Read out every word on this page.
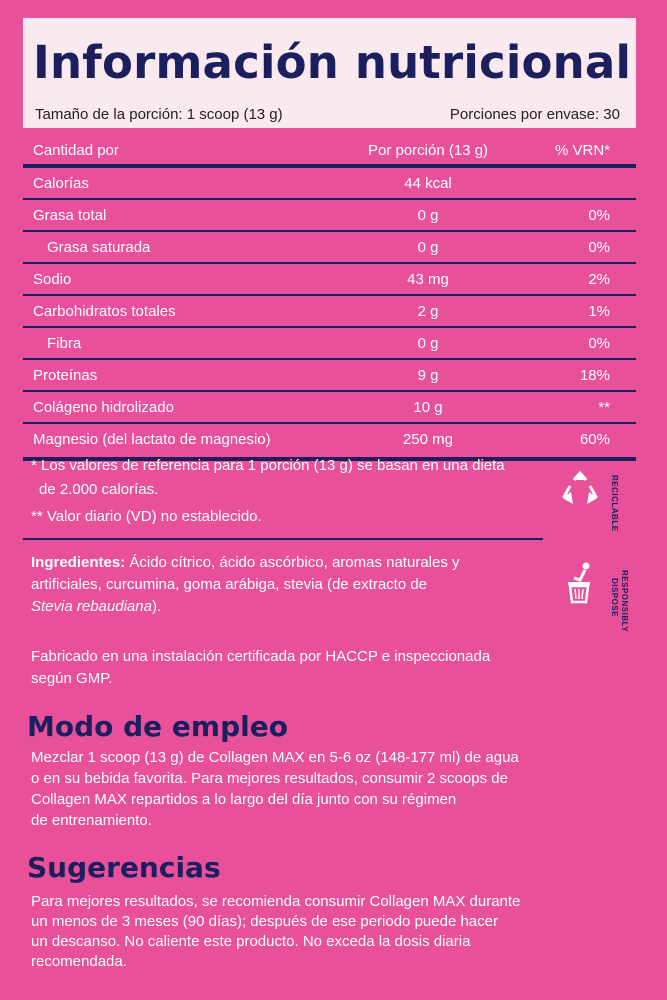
Información nutricional
Tamaño de la porción: 1 scoop (13 g)	Porciones por envase: 30
Cantidad por	Por porción (13 g)	% VRN*
Calorías	44 kcal
Grasa total	0 g	0%
Grasa saturada	0 g	0%
Sodio	43 mg	2%
Carbohidratos totales	2 g	1%
Fibra	0 g	0%
Proteínas	9 g	18%
Colágeno hidrolizado	10 g	**
Magnesio (del lactato de magnesio)	250 mg	60%
* Los valores de referencia para 1 porción (13 g) se basan en una dieta
de 2.000 calorías.
** Valor diario (VD) no establecido.	RECICLABLE
DISPOSE RESPONSIBLY
Ingredientes: Ácido cítrico, ácido ascórbico, aromas naturales y
artificiales, curcumina, goma arábiga, stevia (de extracto de
Stevia rebaudiana).
Fabricado en una instalación certificada por HACCP e inspeccionada
según GMP.
Modo de empleo
Mezclar 1 scoop (13 g) de Collagen MAX en 5-6 oz (148-177 ml) de agua
o en su bebida favorita. Para mejores resultados, consumir 2 scoops de
Collagen MAX repartidos a lo largo del día junto con su régimen
de entrenamiento.
Sugerencias
Para mejores resultados, se recomienda consumir Collagen MAX durante
un menos de 3 meses (90 días); después de ese periodo puede hacer
un descanso. No caliente este producto. No exceda la dosis diaria
recomendada.
